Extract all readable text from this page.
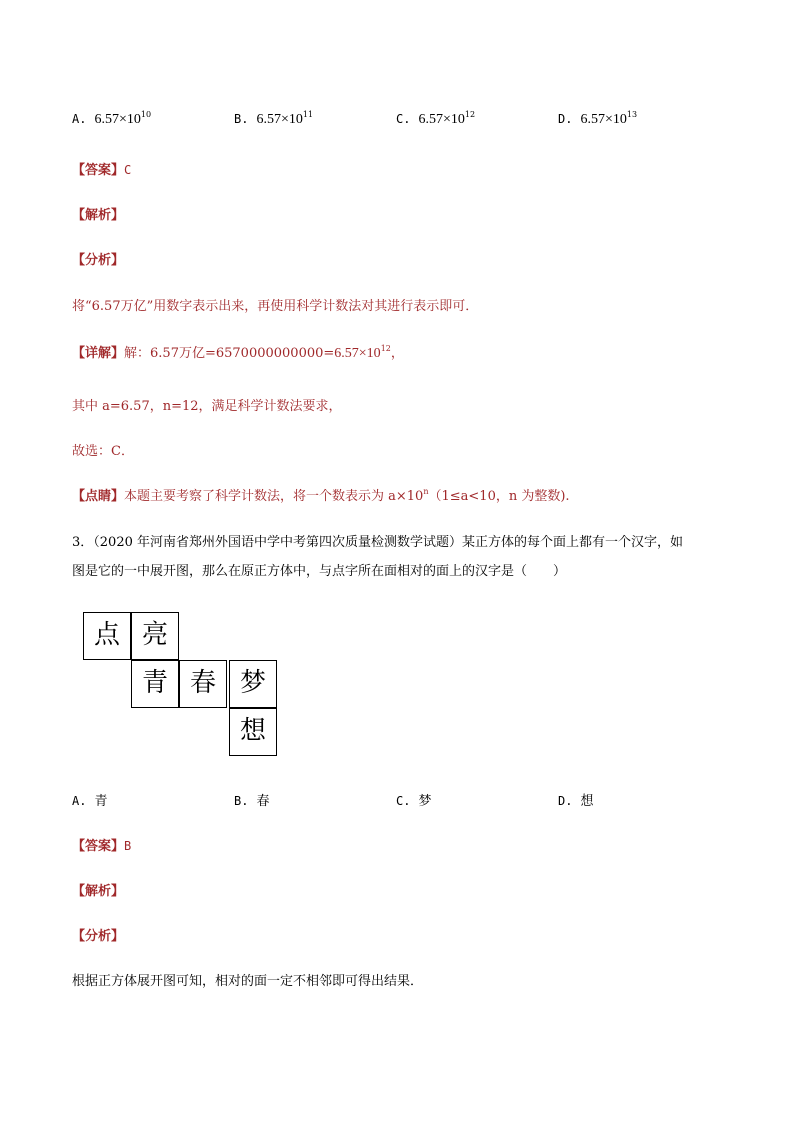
A. $6.57\times 10^{10}$	B. $6.57\times 10^{11}$	C. $6.57\times 10^{12}$	D. $6.57\times 10^{13}$
【答案】C
【解析】
【分析】
将“6.57万亿”用数字表示出来，再使用科学计数法对其进行表示即可．
【详解】解：6.57万亿$=6570000000000=6.57\times 10^{12}$，
其中 a=6.57，n=12，满足科学计数法要求，
故选：C．
【点睛】本题主要考察了科学计数法，将一个数表示为 $a\times 10^n(1\le a<10$，n 为整数).
3．（2020 年河南省郑州外国语中学中考第四次质量检测数学试题）某正方体的每个面上都有一个汉字，如
图是它的一中展开图，那么在原正方体中，与点字所在面相对的面上的汉字是（　　）
点 亮
青 春 梦
想
A. 青	B. 春	C. 梦	D. 想
【答案】B
【解析】
【分析】
根据正方体展开图可知，相对的面一定不相邻即可得出结果．
